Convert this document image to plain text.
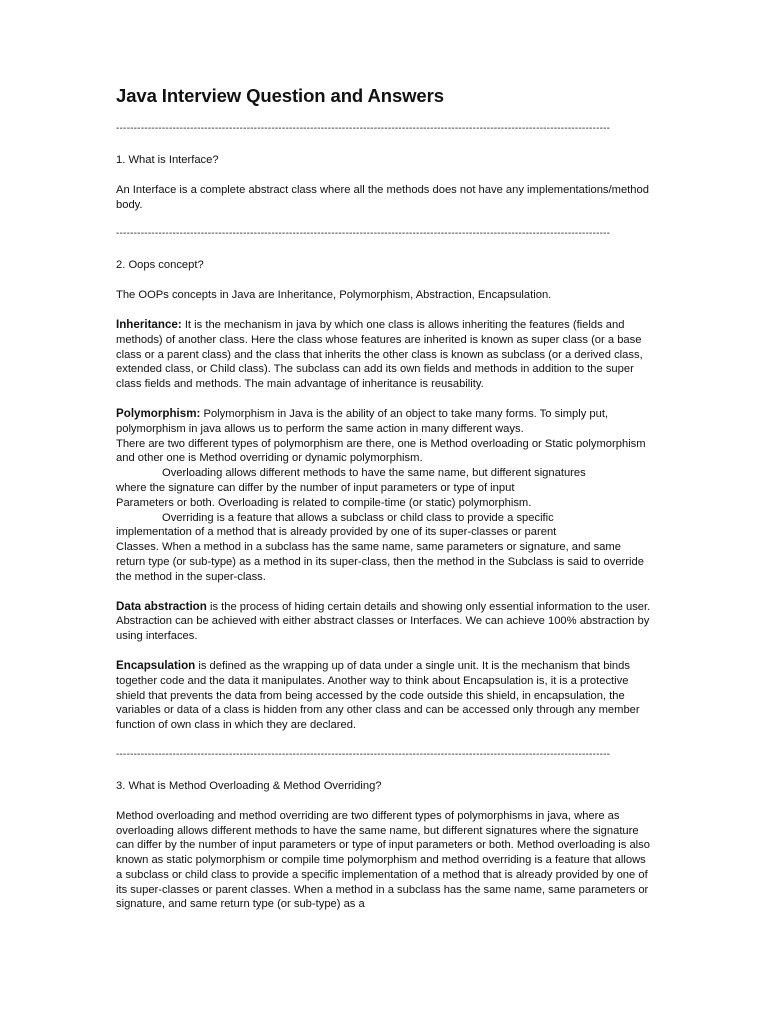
Java Interview Question and Answers
--------------------------------------------------------------------------------------------------------------------------------------------

1. What is Interface?

An Interface is a complete abstract class where all the methods does not have any implementations/method body.

--------------------------------------------------------------------------------------------------------------------------------------------

2. Oops concept?

The OOPs concepts in Java are Inheritance, Polymorphism, Abstraction, Encapsulation.

Inheritance: It is the mechanism in java by which one class is allows inheriting the features (fields and methods) of another class. Here the class whose features are inherited is known as super class (or a base class or a parent class) and the class that inherits the other class is known as subclass (or a derived class, extended class, or Child class). The subclass can add its own fields and methods in addition to the super class fields and methods. The main advantage of inheritance is reusability.

Polymorphism: Polymorphism in Java is the ability of an object to take many forms. To simply put, polymorphism in java allows us to perform the same action in many different ways.

There are two different types of polymorphism are there, one is Method overloading or Static polymorphism and other one is Method overriding or dynamic polymorphism.

Overloading allows different methods to have the same name, but different signatures

where the signature can differ by the number of input parameters or type of input

Parameters or both. Overloading is related to compile-time (or static) polymorphism.

Overriding is a feature that allows a subclass or child class to provide a specific

implementation of a method that is already provided by one of its super-classes or parent

Classes. When a method in a subclass has the same name, same parameters or signature, and same return type (or sub-type) as a method in its super-class, then the method in the Subclass is said to override the method in the super-class.

Data abstraction is the process of hiding certain details and showing only essential information to the user. Abstraction can be achieved with either abstract classes or Interfaces. We can achieve 100% abstraction by using interfaces.

Encapsulation is defined as the wrapping up of data under a single unit. It is the mechanism that binds together code and the data it manipulates. Another way to think about Encapsulation is, it is a protective shield that prevents the data from being accessed by the code outside this shield, in encapsulation, the variables or data of a class is hidden from any other class and can be accessed only through any member function of own class in which they are declared.

--------------------------------------------------------------------------------------------------------------------------------------------

3. What is Method Overloading & Method Overriding?

Method overloading and method overriding are two different types of polymorphisms in java, where as overloading allows different methods to have the same name, but different signatures where the signature can differ by the number of input parameters or type of input parameters or both. Method overloading is also known as static polymorphism or compile time polymorphism and method overriding is a feature that allows a subclass or child class to provide a specific implementation of a method that is already provided by one of its super-classes or parent classes. When a method in a subclass has the same name, same parameters or signature, and same return type (or sub-type) as a
